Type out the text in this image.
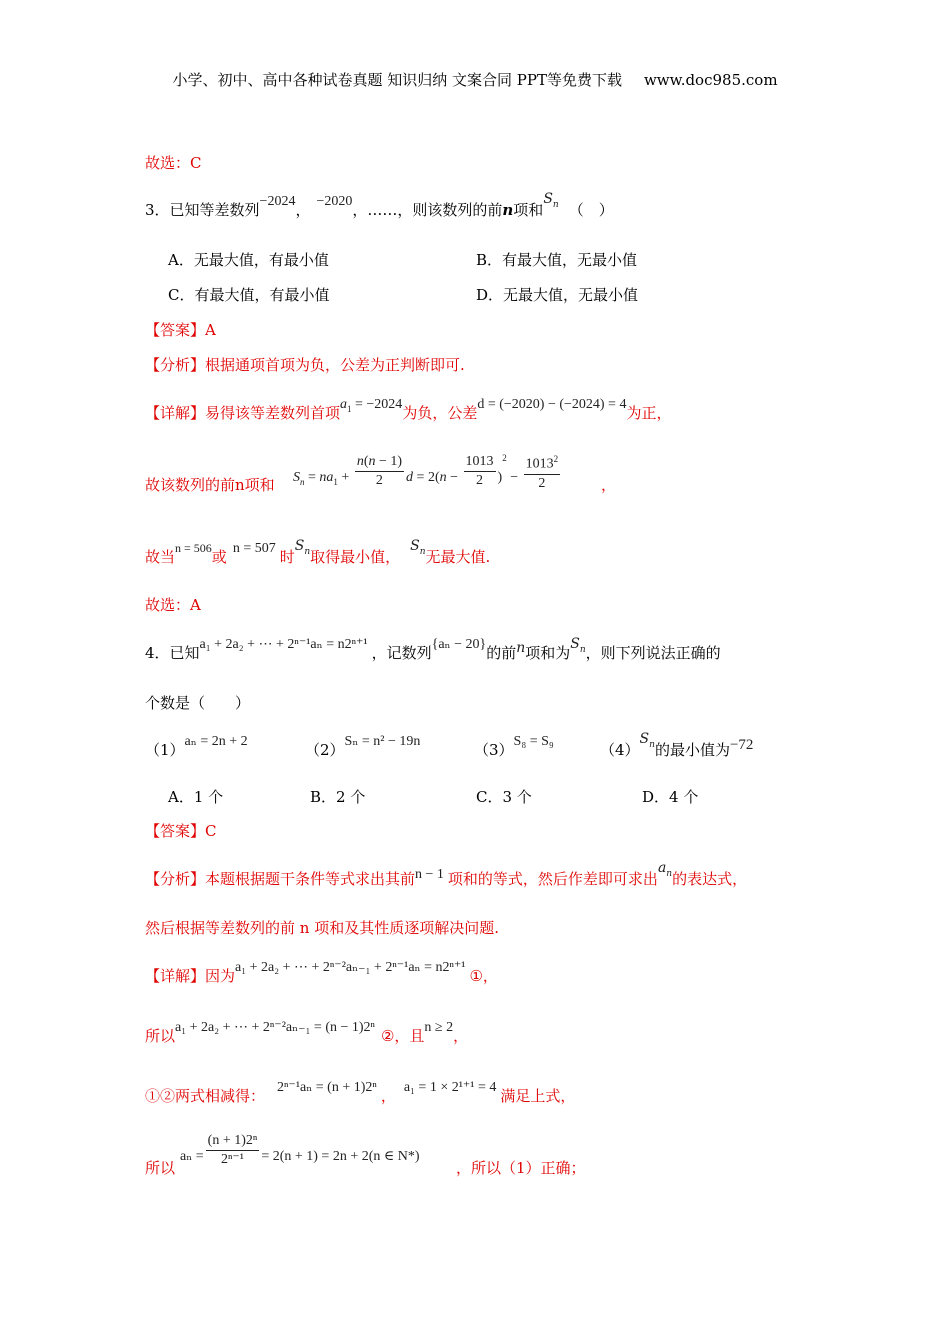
小学、初中、高中各种试卷真题 知识归纳 文案合同 PPT等免费下载 www.doc985.com
故选：C
3．已知等差数列−2024， −2020，……，则该数列的前n项和$S_n$ （　）
A．无最大值，有最小值	B．有最大值，无最小值
C．有最大值，有最小值	D．无最大值，无最小值
【答案】A
【分析】根据通项首项为负，公差为正判断即可.
【详解】易得该等差数列首项$a_1 = -2024$为负，公差d = (−2020) − (−2024) = 4为正，
故该数列的前n项和 $S_n = na_1 + \frac{n(n - 1)}{2}$ $d = 2(n - \frac{1013}{2} )^2 - \frac{1013^2}{2}$	，
故当$^{n = 506}$或 n = 507 时$S_n$取得最小值，$S_n$无最大值.
故选：A
4．已知a₁ + 2a₂ + ⋯ + 2ⁿ⁻¹aₙ = n2ⁿ⁺¹ ，记数列{aₙ − 20}的前n项和为$S_n$，则下列说法正确的
个数是（　　）
（1）aₙ = 2n + 2	（2）Sₙ = n² − 19n	（3）S₈ = S₉	$(4)S_n$的最小值为−72
A．1 个	B．2 个	C．3 个	D．4 个
【答案】C
【分析】本题根据题干条件等式求出其前n − 1 项和的等式，然后作差即可求出$a_n$的表达式，
然后根据等差数列的前 n 项和及其性质逐项解决问题.
【详解】因为a₁ + 2a₂ + ⋯ + 2ⁿ⁻²aₙ₋₁ + 2ⁿ⁻¹aₙ = n2ⁿ⁺¹ ①，
所以a₁ + 2a₂ + ⋯ + 2ⁿ⁻²aₙ₋₁ = (n − 1)2ⁿ ②，且n ≥ 2，
①②两式相减得： 2ⁿ⁻¹aₙ = (n + 1)2ⁿ ， a₁ = 1 × 2¹⁺¹ = 4 满足上式，
所以
$a_n = \frac{\text{(n + 1)2ⁿ}}{\text{2ⁿ⁻¹}} = 2(n + 1) = 2n + 2(n$ ∈ N*)
，所以（1）正确；
